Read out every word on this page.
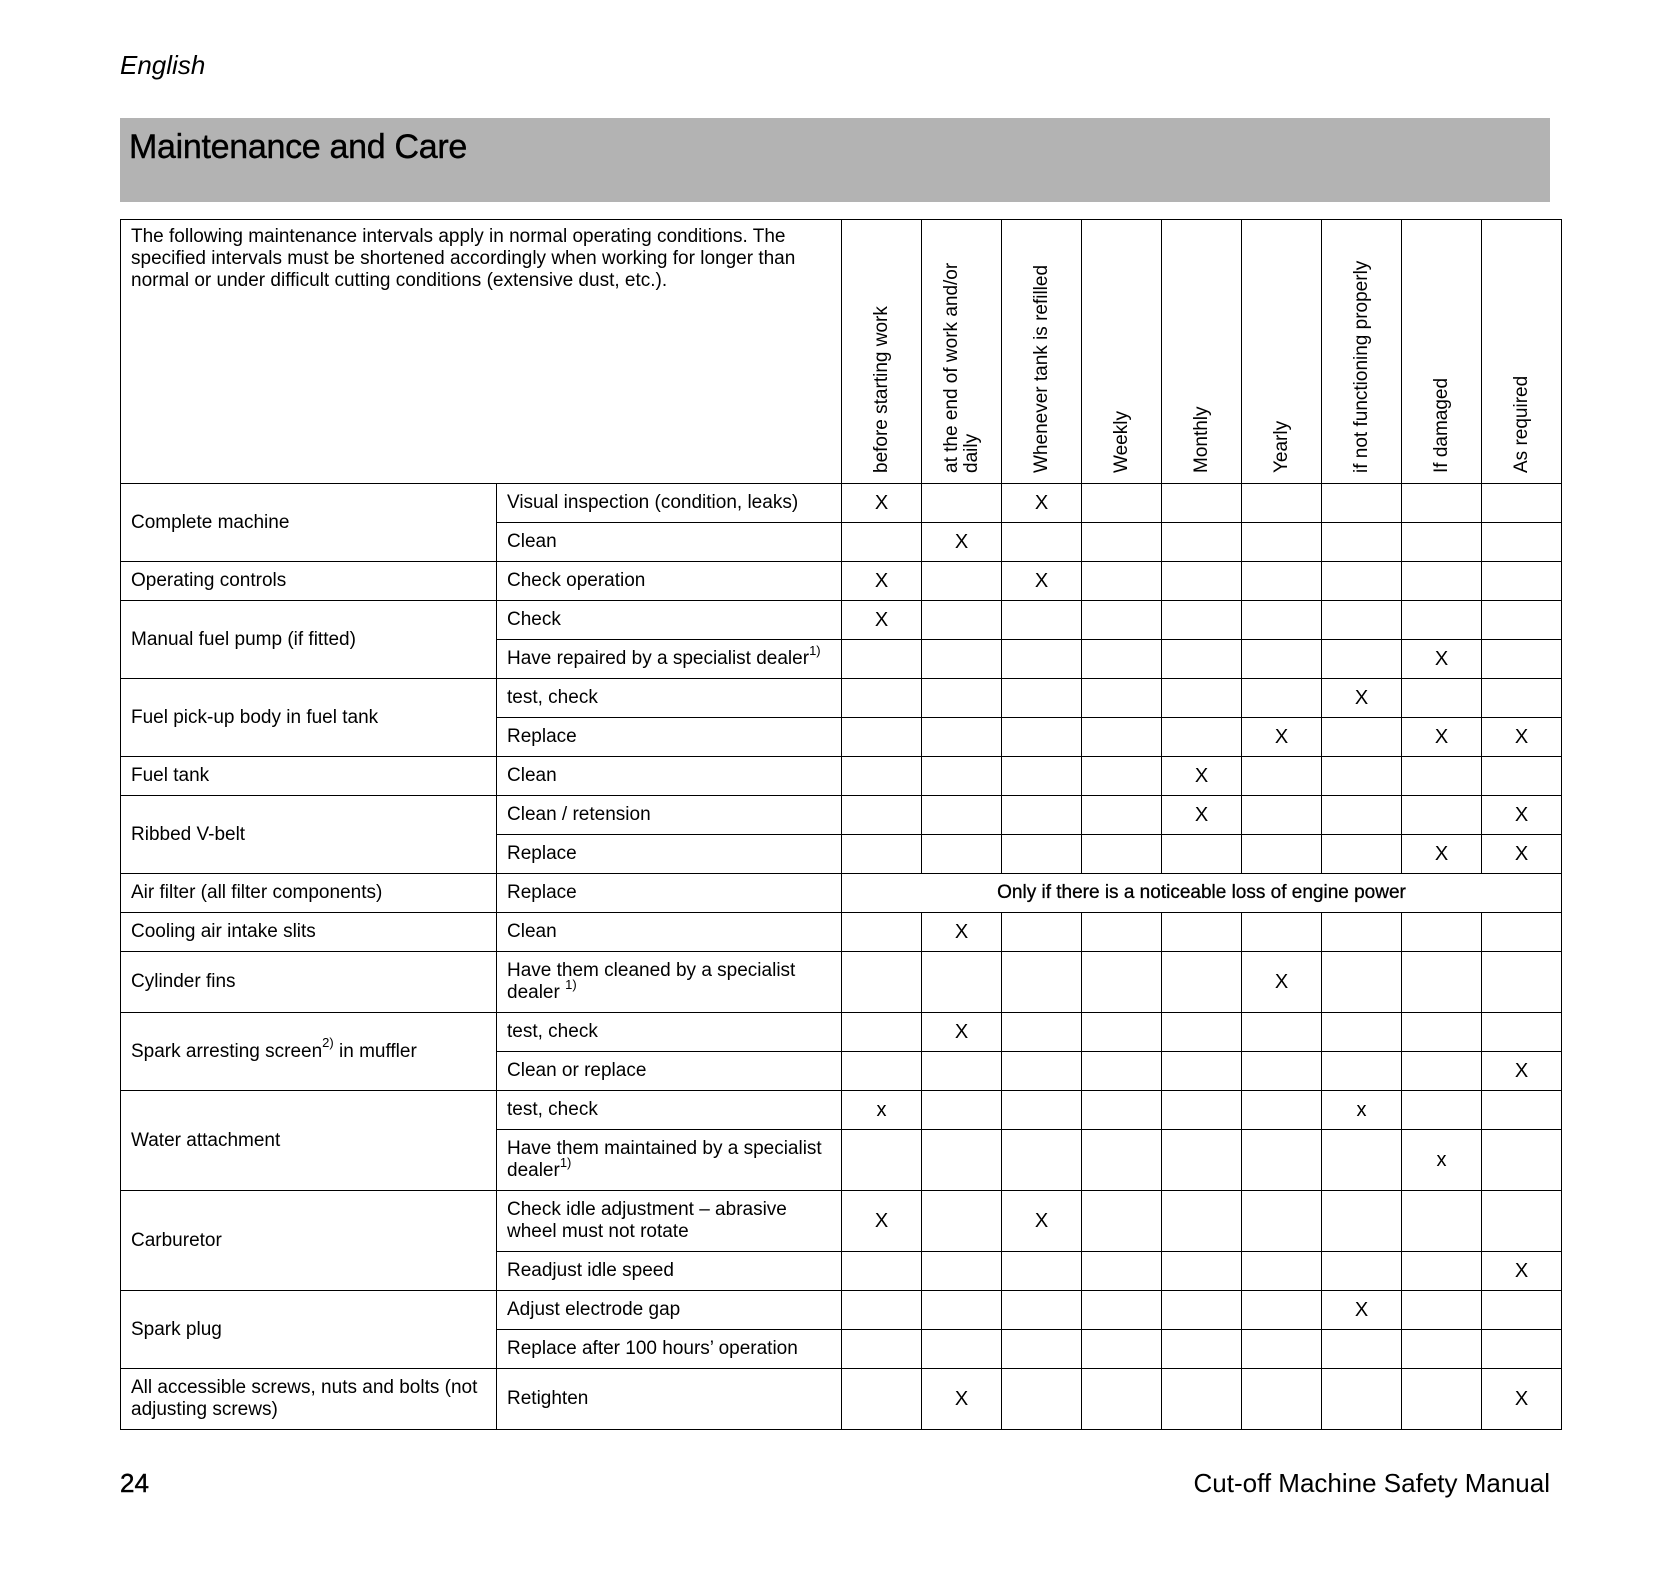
English
Maintenance and Care
The following maintenance intervals apply in normal operating conditions. The specified intervals must be shortened accordingly when working for longer than normal or under difficult cutting conditions (extensive dust, etc.).		before starting work	at the end of work and/or
daily	Whenever tank is refilled	Weekly	Monthly	Yearly	if not functioning properly	If damaged	As required

Complete machine	Visual inspection (condition, leaks)	X		X						
	Clean		X							
Operating controls	Check operation	X		X						
Manual fuel pump (if fitted)	Check	X								
	Have repaired by a specialist dealer$^{1)}$								X	
Fuel pick-up body in fuel tank	test, check							X		
	Replace						X		X	X
Fuel tank	Clean					X				
Ribbed V-belt	Clean / retension					X				X
	Replace								X	X
Air filter (all filter components)	Replace	Only if there is a noticeable loss of engine power								
Cooling air intake slits	Clean		X							
Cylinder fins	Have them cleaned by a specialist dealer $^{1)}$						X			
Spark arresting screen$^{2)}$ in muffler	test, check		X							
	Clean or replace									X
Water attachment	test, check	x						x		
	Have them maintained by a specialist dealer$^{1)}$								x	
Carburetor	Check idle adjustment – abrasive wheel must not rotate	X		X						
	Readjust idle speed									X
Spark plug	Adjust electrode gap							X		
	Replace after 100 hours’ operation									
All accessible screws, nuts and bolts (not adjusting screws)	Retighten		X							X
24	Cut-off Machine Safety Manual
